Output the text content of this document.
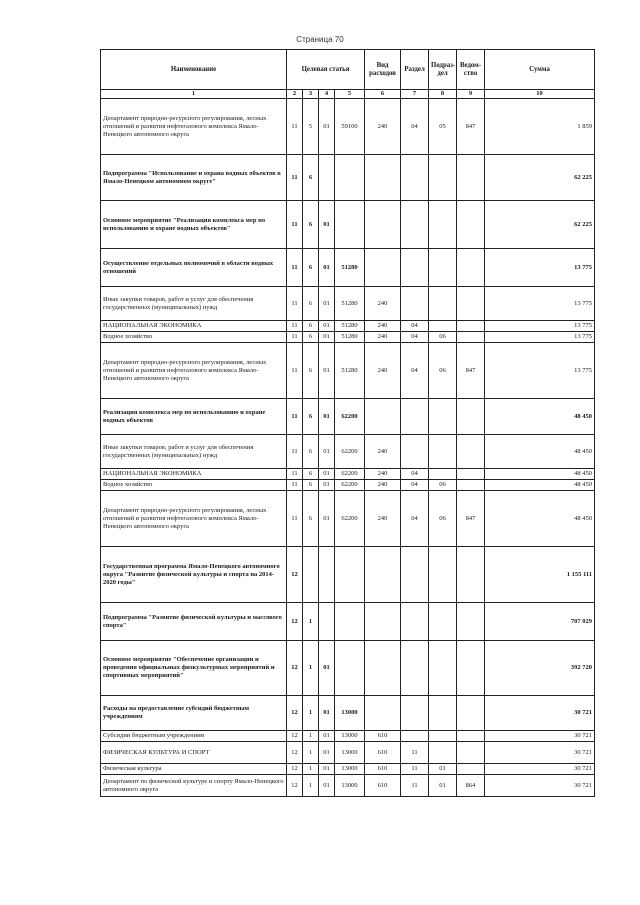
Страница 70
Наименование	Целевая статья				Вид расходов	Раздел	Подраз-дел	Ведом-ство	Сумма
1	2	3	4	5	6	7	8	9	10
Департамент природно-ресурсного регулирования, лесных отношений и развития нефтегазового комплекса Ямало-Ненецкого автономного округа	11	5	01	59100	240	04	05	847	1 859
Подпрограмма "Использование и охрана водных объектов в Ямало-Ненецком автономном округе"	11	6							62 225
Основное мероприятие "Реализация комплекса мер по использованию и охране водных объектов"	11	6	01						62 225
Осуществление отдельных полномочий в области водных отношений	11	6	01	51280					13 775
Иные закупки товаров, работ и услуг для обеспечения государственных (муниципальных) нужд	11	6	01	51280	240				13 775
НАЦИОНАЛЬНАЯ ЭКОНОМИКА	11	6	01	51280	240	04			13 775
Водное хозяйство	11	6	01	51280	240	04	06		13 775
Департамент природно-ресурсного регулирования, лесных отношений и развития нефтегазового комплекса Ямало-Ненецкого автономного округа	11	6	01	51280	240	04	06	847	13 775
Реализация комплекса мер по использованию и охране водных объектов	11	6	01	62200					48 450
Иные закупки товаров, работ и услуг для обеспечения государственных (муниципальных) нужд	11	6	01	62200	240				48 450
НАЦИОНАЛЬНАЯ ЭКОНОМИКА	11	6	01	62200	240	04			48 450
Водное хозяйство	11	6	01	62200	240	04	06		48 450
Департамент природно-ресурсного регулирования, лесных отношений и развития нефтегазового комплекса Ямало-Ненецкого автономного округа	11	6	01	62200	240	04	06	847	48 450
Государственная программа Ямало-Ненецкого автономного округа "Развитие физической культуры и спорта на 2014-2020 годы"	12								1 155 111
Подпрограмма "Развитие физической культуры и массового спорта"	12	1							707 029
Основное мероприятие "Обеспечение организации и проведения официальных физкультурных мероприятий и спортивных мероприятий"	12	1	01						392 720
Расходы на предоставление субсидий бюджетным учреждениям	12	1	01	13000					30 721
Субсидии бюджетным учреждениям	12	1	01	13000	610				30 721
ФИЗИЧЕСКАЯ КУЛЬТУРА И СПОРТ	12	1	01	13000	610	11			30 721
Физическая культура	12	1	01	13000	610	11	01		30 721
Департамент по физической культуре и спорту Ямало-Ненецкого автономного округа	12	1	01	13000	610	11	01	864	30 721
